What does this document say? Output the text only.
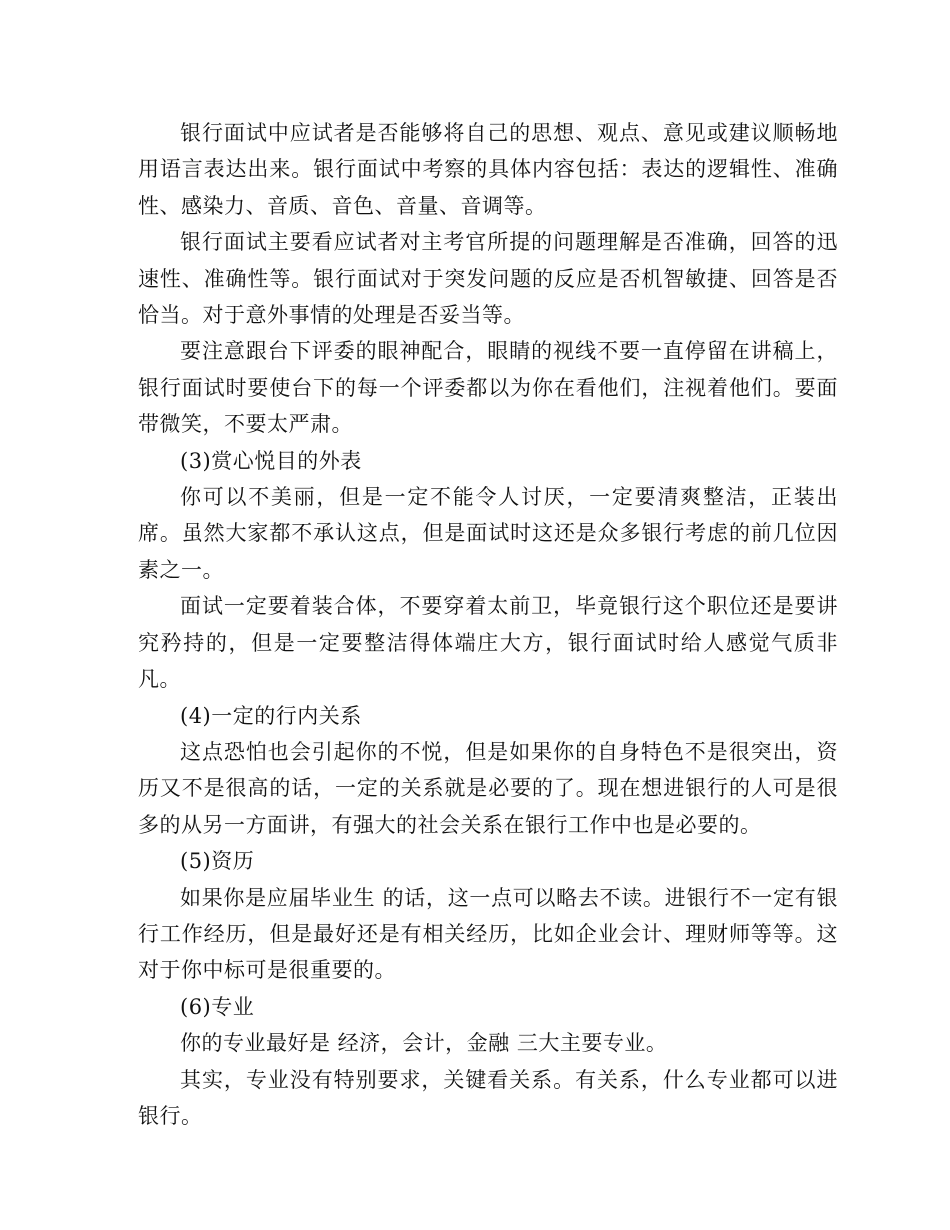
银行面试中应试者是否能够将自己的思想、观点、意见或建议顺畅地用语言表达出来。银行面试中考察的具体内容包括：表达的逻辑性、准确性、感染力、音质、音色、音量、音调等。

银行面试主要看应试者对主考官所提的问题理解是否准确，回答的迅速性、准确性等。银行面试对于突发问题的反应是否机智敏捷、回答是否恰当。对于意外事情的处理是否妥当等。

要注意跟台下评委的眼神配合，眼睛的视线不要一直停留在讲稿上，银行面试时要使台下的每一个评委都以为你在看他们，注视着他们。要面带微笑，不要太严肃。

(3)赏心悦目的外表

你可以不美丽，但是一定不能令人讨厌，一定要清爽整洁，正装出席。虽然大家都不承认这点，但是面试时这还是众多银行考虑的前几位因素之一。

面试一定要着装合体，不要穿着太前卫，毕竟银行这个职位还是要讲究矜持的，但是一定要整洁得体端庄大方，银行面试时给人感觉气质非凡。

(4)一定的行内关系

这点恐怕也会引起你的不悦，但是如果你的自身特色不是很突出，资历又不是很高的话，一定的关系就是必要的了。现在想进银行的人可是很多的从另一方面讲，有强大的社会关系在银行工作中也是必要的。

(5)资历

如果你是应届毕业生 的话，这一点可以略去不读。进银行不一定有银行工作经历，但是最好还是有相关经历，比如企业会计、理财师等等。这对于你中标可是很重要的。

(6)专业

你的专业最好是 经济，会计，金融 三大主要专业。

其实，专业没有特别要求，关键看关系。有关系，什么专业都可以进银行。
